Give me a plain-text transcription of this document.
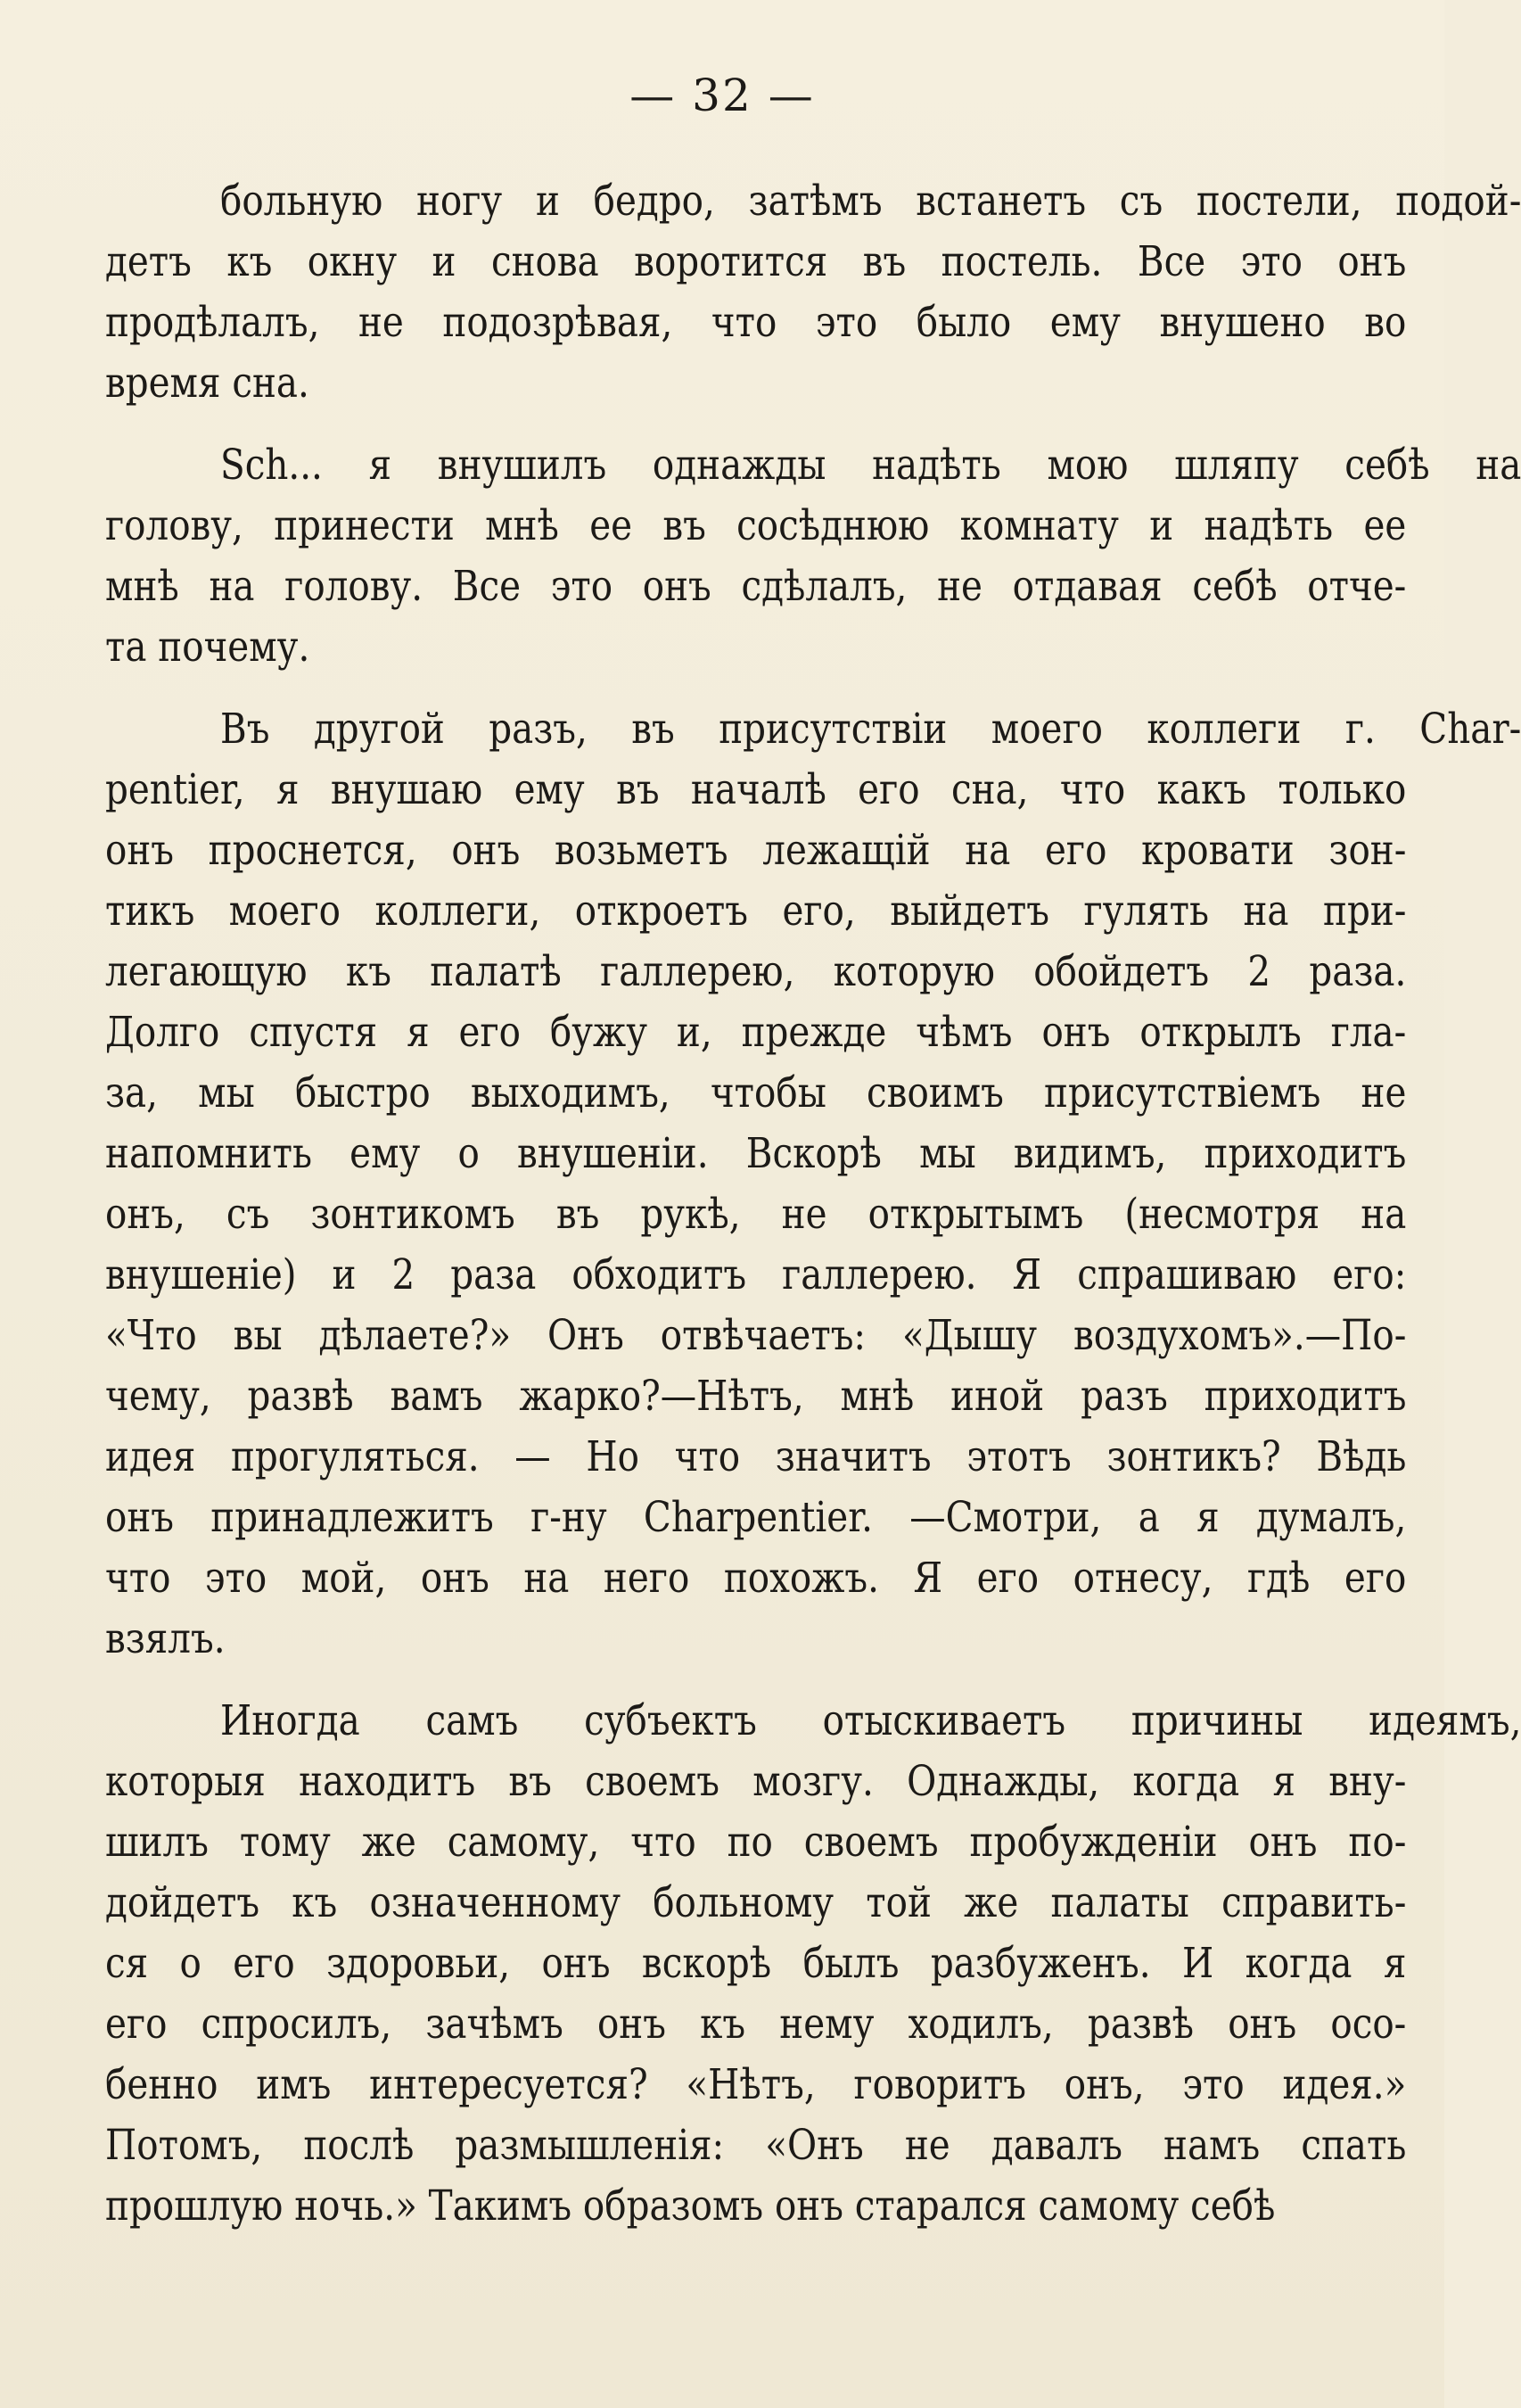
— 32 —
больную ногу и бедро, затѣмъ встанетъ съ постели, подой-
детъ къ окну и снова воротится въ постель. Все это онъ
продѣлалъ, не подозрѣвая, что это было ему внушено во
время сна.
Sch... я внушилъ однажды надѣть мою шляпу себѣ на
голову, принести мнѣ ее въ сосѣднюю комнату и надѣть ее
мнѣ на голову. Все это онъ сдѣлалъ, не отдавая себѣ отче-
та почему.
Въ другой разъ, въ присутствіи моего коллеги г. Char-
pentier, я внушаю ему въ началѣ его сна, что какъ только
онъ проснется, онъ возьметъ лежащій на его кровати зон-
тикъ моего коллеги, откроетъ его, выйдетъ гулять на при-
легающую къ палатѣ галлерею, которую обойдетъ 2 раза.
Долго спустя я его бужу и, прежде чѣмъ онъ открылъ гла-
за, мы быстро выходимъ, чтобы своимъ присутствіемъ не
напомнить ему о внушеніи. Вскорѣ мы видимъ, приходитъ
онъ, съ зонтикомъ въ рукѣ, не открытымъ (несмотря на
внушеніе) и 2 раза обходитъ галлерею. Я спрашиваю его:
«Что вы дѣлаете?» Онъ отвѣчаетъ: «Дышу воздухомъ».—По-
чему, развѣ вамъ жарко?—Нѣтъ, мнѣ иной разъ приходитъ
идея прогуляться. — Но что значитъ этотъ зонтикъ? Вѣдь
онъ принадлежитъ г-ну Charpentier. —Смотри, а я думалъ,
что это мой, онъ на него похожъ. Я его отнесу, гдѣ его
взялъ.
Иногда самъ субъектъ отыскиваетъ причины идеямъ,
которыя находитъ въ своемъ мозгу. Однажды, когда я вну-
шилъ тому же самому, что по своемъ пробужденіи онъ по-
дойдетъ къ означенному больному той же палаты справить-
ся о его здоровьи, онъ вскорѣ былъ разбуженъ. И когда я
его спросилъ, зачѣмъ онъ къ нему ходилъ, развѣ онъ осо-
бенно имъ интересуется? «Нѣтъ, говоритъ онъ, это идея.»
Потомъ, послѣ размышленія: «Онъ не давалъ намъ спать
прошлую ночь.» Такимъ образомъ онъ старался самому себѣ
